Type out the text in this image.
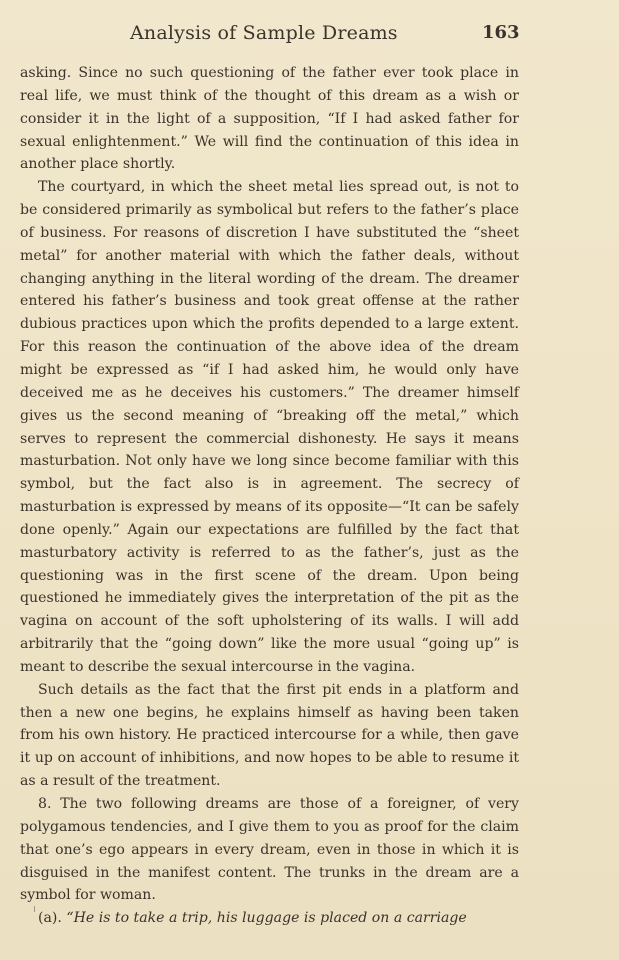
Analysis of Sample Dreams	163

asking. Since no such questioning of the father ever took place in real life, we must think of the thought of this dream as a wish or consider it in the light of a supposition, “If I had asked father for sexual enlightenment.” We will find the continuation of this idea in another place shortly.

The courtyard, in which the sheet metal lies spread out, is not to be considered primarily as symbolical but refers to the father’s place of business. For reasons of discretion I have substituted the “sheet metal” for another material with which the father deals, without changing anything in the literal wording of the dream. The dreamer entered his father’s business and took great offense at the rather dubious practices upon which the profits depended to a large extent. For this reason the continuation of the above idea of the dream might be expressed as “if I had asked him, he would only have deceived me as he deceives his customers.” The dreamer himself gives us the second meaning of “breaking off the metal,” which serves to represent the commercial dishonesty. He says it means masturbation. Not only have we long since become familiar with this symbol, but the fact also is in agreement. The secrecy of masturbation is expressed by means of its opposite—“It can be safely done openly.” Again our expectations are fulfilled by the fact that masturbatory activity is referred to as the father’s, just as the questioning was in the first scene of the dream. Upon being questioned he immediately gives the interpretation of the pit as the vagina on account of the soft upholstering of its walls. I will add arbitrarily that the “going down” like the more usual “going up” is meant to describe the sexual intercourse in the vagina.

Such details as the fact that the first pit ends in a platform and then a new one begins, he explains himself as having been taken from his own history. He practiced intercourse for a while, then gave it up on account of inhibitions, and now hopes to be able to resume it as a result of the treatment.

8. The two following dreams are those of a foreigner, of very polygamous tendencies, and I give them to you as proof for the claim that one’s ego appears in every dream, even in those in which it is disguised in the manifest content. The trunks in the dream are a symbol for woman.

(a). “He is to take a trip, his luggage is placed on a carriage
